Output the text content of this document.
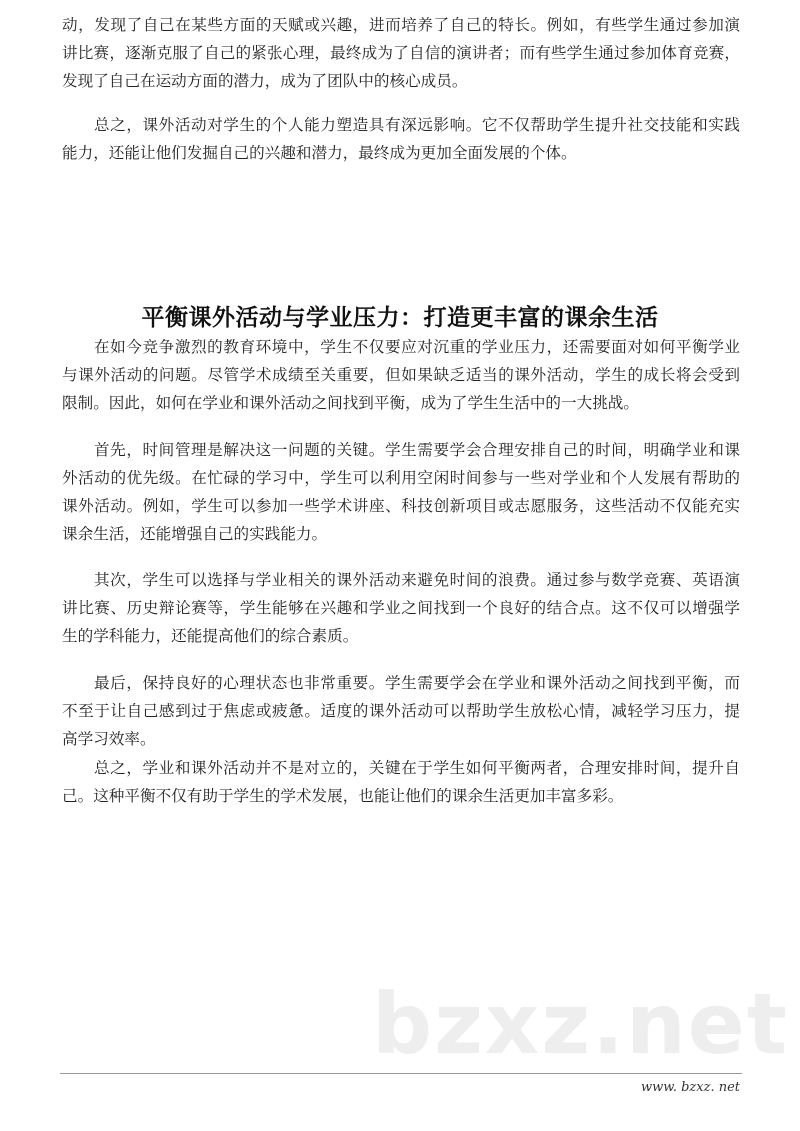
动，发现了自己在某些方面的天赋或兴趣，进而培养了自己的特长。例如，有些学生通过参加演
讲比赛，逐渐克服了自己的紧张心理，最终成为了自信的演讲者；而有些学生通过参加体育竞赛，
发现了自己在运动方面的潜力，成为了团队中的核心成员。
总之，课外活动对学生的个人能力塑造具有深远影响。它不仅帮助学生提升社交技能和实践
能力，还能让他们发掘自己的兴趣和潜力，最终成为更加全面发展的个体。
平衡课外活动与学业压力：打造更丰富的课余生活
在如今竞争激烈的教育环境中，学生不仅要应对沉重的学业压力，还需要面对如何平衡学业
与课外活动的问题。尽管学术成绩至关重要，但如果缺乏适当的课外活动，学生的成长将会受到
限制。因此，如何在学业和课外活动之间找到平衡，成为了学生生活中的一大挑战。
首先，时间管理是解决这一问题的关键。学生需要学会合理安排自己的时间，明确学业和课
外活动的优先级。在忙碌的学习中，学生可以利用空闲时间参与一些对学业和个人发展有帮助的
课外活动。例如，学生可以参加一些学术讲座、科技创新项目或志愿服务，这些活动不仅能充实
课余生活，还能增强自己的实践能力。
其次，学生可以选择与学业相关的课外活动来避免时间的浪费。通过参与数学竞赛、英语演
讲比赛、历史辩论赛等，学生能够在兴趣和学业之间找到一个良好的结合点。这不仅可以增强学
生的学科能力，还能提高他们的综合素质。
最后，保持良好的心理状态也非常重要。学生需要学会在学业和课外活动之间找到平衡，而
不至于让自己感到过于焦虑或疲惫。适度的课外活动可以帮助学生放松心情，减轻学习压力，提
高学习效率。
总之，学业和课外活动并不是对立的，关键在于学生如何平衡两者，合理安排时间，提升自
己。这种平衡不仅有助于学生的学术发展，也能让他们的课余生活更加丰富多彩。
bzxz.net
www. bzxz. net
